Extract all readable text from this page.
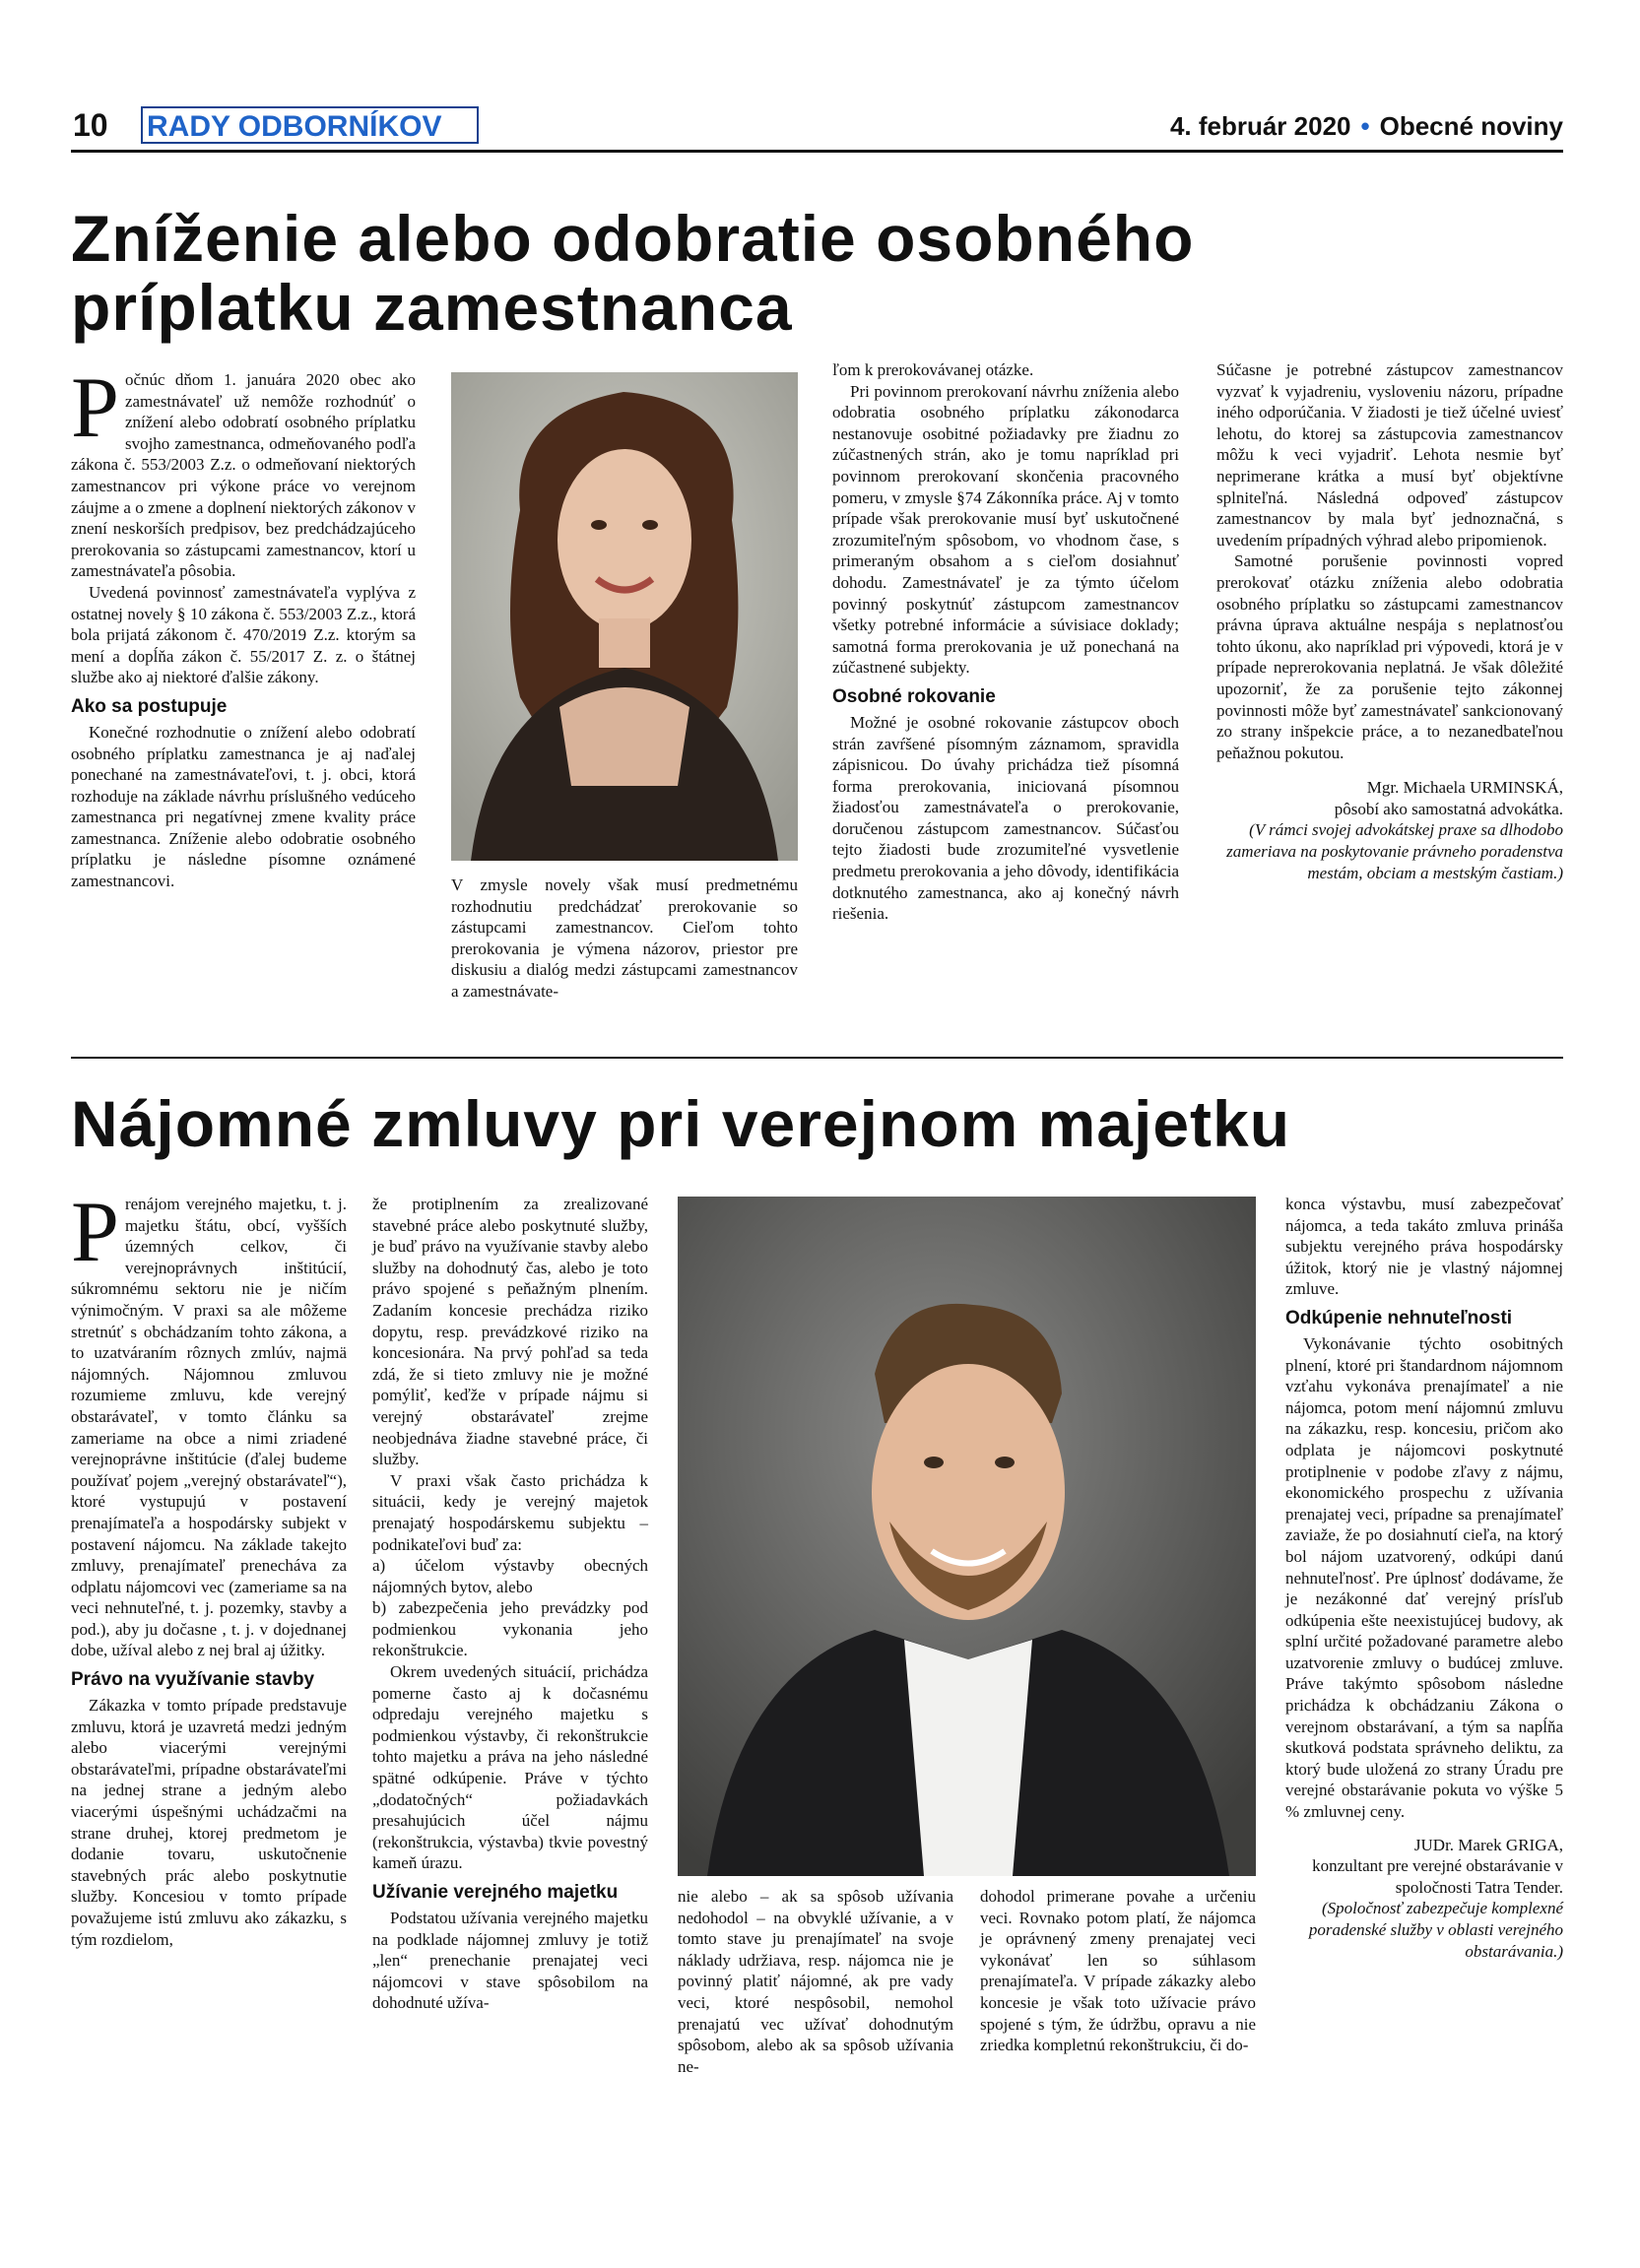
10 RADY ODBORNÍKOV	4. február 2020 • Obecné noviny
Zníženie alebo odobratie osobného
príplatku zamestnanca

Počnúc dňom 1. januára 2020 obec ako zamestnávateľ už nemôže rozhodnúť o znížení alebo odobratí osobného príplatku svojho zamestnanca, odmeňovaného podľa zákona č. 553/2003 Z.z. o odmeňovaní niektorých zamestnancov pri výkone práce vo verejnom záujme a o zmene a doplnení niektorých zákonov v znení neskorších predpisov, bez predchádzajúceho prerokovania so zástupcami zamestnancov, ktorí u zamestnávateľa pôsobia.

Uvedená povinnosť zamestnávateľa vyplýva z ostatnej novely § 10 zákona č. 553/2003 Z.z., ktorá bola prijatá zákonom č. 470/2019 Z.z. ktorým sa mení a dopĺňa zákon č. 55/2017 Z. z. o štátnej službe ako aj niektoré ďalšie zákony.

Ako sa postupuje

Konečné rozhodnutie o znížení alebo odobratí osobného príplatku zamestnanca je aj naďalej ponechané na zamestnávateľovi, t. j. obci, ktorá rozhoduje na základe návrhu príslušného vedúceho zamestnanca pri negatívnej zmene kvality práce zamestnanca. Zníženie alebo odobratie osobného príplatku je následne písomne oznámené zamestnancovi.	V zmysle novely však musí predmetnému rozhodnutiu predchádzať prerokovanie so zástupcami zamestnancov. Cieľom tohto prerokovania je výmena názorov, priestor pre diskusiu a dialóg medzi zástupcami zamestnancov a zamestnávate-

ľom k prerokovávanej otázke.

Pri povinnom prerokovaní návrhu zníženia alebo odobratia osobného príplatku zákonodarca nestanovuje osobitné požiadavky pre žiadnu zo zúčastnených strán, ako je tomu napríklad pri povinnom prerokovaní skončenia pracovného pomeru, v zmysle §74 Zákonníka práce. Aj v tomto prípade však prerokovanie musí byť uskutočnené zrozumiteľným spôsobom, vo vhodnom čase, s primeraným obsahom a s cieľom dosiahnuť dohodu. Zamestnávateľ je za týmto účelom povinný poskytnúť zástupcom zamestnancov všetky potrebné informácie a súvisiace doklady; samotná forma prerokovania je už ponechaná na zúčastnené subjekty.

Osobné rokovanie

Možné je osobné rokovanie zástupcov oboch strán zavŕšené písomným záznamom, spravidla zápisnicou. Do úvahy prichádza tiež písomná forma prerokovania, iniciovaná písomnou žiadosťou zamestnávateľa o prerokovanie, doručenou zástupcom zamestnancov. Súčasťou tejto žiadosti bude zrozumiteľné vysvetlenie predmetu prerokovania a jeho dôvody, identifikácia dotknutého zamestnanca, ako aj konečný návrh riešenia.

Súčasne je potrebné zástupcov zamestnancov vyzvať k vyjadreniu, vysloveniu názoru, prípadne iného odporúčania. V žiadosti je tiež účelné uviesť lehotu, do ktorej sa zástupcovia zamestnancov môžu k veci vyjadriť. Lehota nesmie byť neprimerane krátka a musí byť objektívne splniteľná. Následná odpoveď zástupcov zamestnancov by mala byť jednoznačná, s uvedením prípadných výhrad alebo pripomienok.

Samotné porušenie povinnosti vopred prerokovať otázku zníženia alebo odobratia osobného príplatku so zástupcami zamestnancov právna úprava aktuálne nespája s neplatnosťou tohto úkonu, ako napríklad pri výpovedi, ktorá je v prípade neprerokovania neplatná. Je však dôležité upozorniť, že za porušenie tejto zákonnej povinnosti môže byť zamestnávateľ sankcionovaný zo strany inšpekcie práce, a to nezanedbateľnou peňažnou pokutou.

Mgr. Michaela URMINSKÁ,

pôsobí ako samostatná advokátka.

(V rámci svojej advokátskej praxe sa dlhodobo zameriava na poskytovanie právneho poradenstva mestám, obciam a mestským častiam.)

Nájomné zmluvy pri verejnom majetku

Prenájom verejného majetku, t. j. majetku štátu, obcí, vyšších územných celkov, či verejnoprávnych inštitúcií, súkromnému sektoru nie je ničím výnimočným. V praxi sa ale môžeme stretnúť s obchádzaním tohto zákona, a to uzatváraním rôznych zmlúv, najmä nájomných. Nájomnou zmluvou rozumieme zmluvu, kde verejný obstarávateľ, v tomto článku sa zameriame na obce a nimi zriadené verejnoprávne inštitúcie (ďalej budeme používať pojem „verejný obstarávateľ“), ktoré vystupujú v postavení prenajímateľa a hospodársky subjekt v postavení nájomcu. Na základe takejto zmluvy, prenajímateľ prenecháva za odplatu nájomcovi vec (zameriame sa na veci nehnuteľné, t. j. pozemky, stavby a pod.), aby ju dočasne , t. j. v dojednanej dobe, užíval alebo z nej bral aj úžitky.

Právo na využívanie stavby

Zákazka v tomto prípade predstavuje zmluvu, ktorá je uzavretá medzi jedným alebo viacerými verejnými obstarávateľmi, prípadne obstarávateľmi na jednej strane a jedným alebo viacerými úspešnými uchádzačmi na strane druhej, ktorej predmetom je dodanie tovaru, uskutočnenie stavebných prác alebo poskytnutie služby. Koncesiou v tomto prípade považujeme istú zmluvu ako zákazku, s tým rozdielom,

že protiplnením za zrealizované stavebné práce alebo poskytnuté služby, je buď právo na využívanie stavby alebo služby na dohodnutý čas, alebo je toto právo spojené s peňažným plnením. Zadaním koncesie prechádza riziko dopytu, resp. prevádzkové riziko na koncesionára. Na prvý pohľad sa teda zdá, že si tieto zmluvy nie je možné pomýliť, keďže v prípade nájmu si verejný obstarávateľ zrejme neobjednáva žiadne stavebné práce, či služby.

V praxi však často prichádza k situácii, kedy je verejný majetok prenajatý hospodárskemu subjektu – podnikateľovi buď za:

a) účelom výstavby obecných nájomných bytov, alebo

b) zabezpečenia jeho prevádzky pod podmienkou vykonania jeho rekonštrukcie.

Okrem uvedených situácií, prichádza pomerne často aj k dočasnému odpredaju verejného majetku s podmienkou výstavby, či rekonštrukcie tohto majetku a práva na jeho následné spätné odkúpenie. Práve v týchto „dodatočných“ požiadavkách presahujúcich účel nájmu (rekonštrukcia, výstavba) tkvie povestný kameň úrazu.

Užívanie verejného majetku

Podstatou užívania verejného majetku na podklade nájomnej zmluvy je totiž „len“ prenechanie prenajatej veci nájomcovi v stave spôsobilom na dohodnuté užíva-

nie alebo – ak sa spôsob užívania nedohodol – na obvyklé užívanie, a v tomto stave ju prenajímateľ na svoje náklady udržiava, resp. nájomca nie je povinný platiť nájomné, ak pre vady veci, ktoré nespôsobil, nemohol prenajatú vec užívať dohodnutým spôsobom, alebo ak sa spôsob užívania ne-

dohodol primerane povahe a určeniu veci. Rovnako potom platí, že nájomca je oprávnený zmeny prenajatej veci vykonávať len so súhlasom prenajímateľa. V prípade zákazky alebo koncesie je však toto užívacie právo spojené s tým, že údržbu, opravu a nie zriedka kompletnú rekonštrukciu, či do-

konca výstavbu, musí zabezpečovať nájomca, a teda takáto zmluva prináša subjektu verejného práva hospodársky úžitok, ktorý nie je vlastný nájomnej zmluve.

Odkúpenie nehnuteľnosti

Vykonávanie týchto osobitných plnení, ktoré pri štandardnom nájomnom vzťahu vykonáva prenajímateľ a nie nájomca, potom mení nájomnú zmluvu na zákazku, resp. koncesiu, pričom ako odplata je nájomcovi poskytnuté protiplnenie v podobe zľavy z nájmu, ekonomického prospechu z užívania prenajatej veci, prípadne sa prenajímateľ zaviaže, že po dosiahnutí cieľa, na ktorý bol nájom uzatvorený, odkúpi danú nehnuteľnosť. Pre úplnosť dodávame, že je nezákonné dať verejný prísľub odkúpenia ešte neexistujúcej budovy, ak splní určité požadované parametre alebo uzatvorenie zmluvy o budúcej zmluve. Práve takýmto spôsobom následne prichádza k obchádzaniu Zákona o verejnom obstarávaní, a tým sa napĺňa skutková podstata správneho deliktu, za ktorý bude uložená zo strany Úradu pre verejné obstarávanie pokuta vo výške 5 % zmluvnej ceny.

JUDr. Marek GRIGA,

konzultant pre verejné obstarávanie v spoločnosti Tatra Tender.

(Spoločnosť zabezpečuje komplexné poradenské služby v oblasti verejného obstarávania.)
